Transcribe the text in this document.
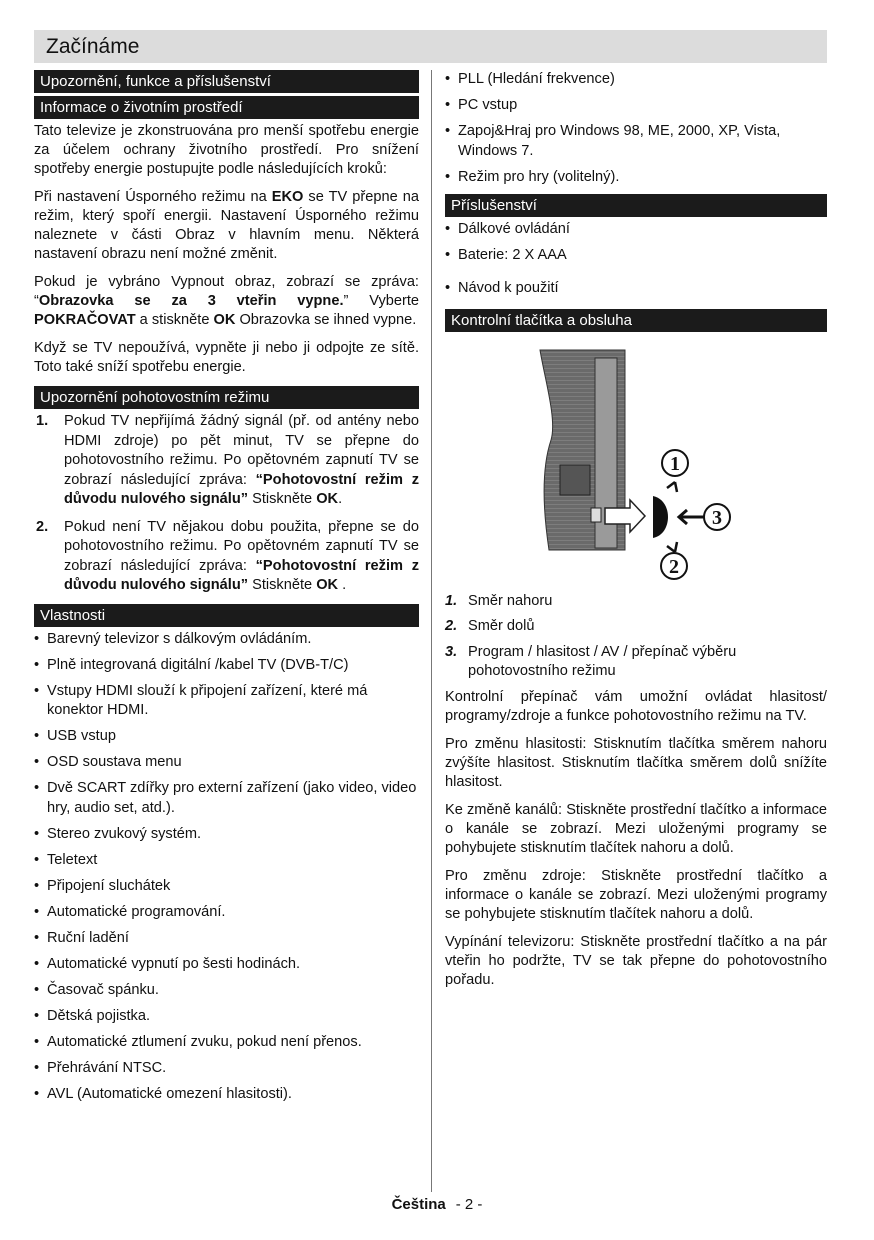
Začínáme
Upozornění, funkce a příslušenství
Informace o životním prostředí

Tato televize je zkonstruována pro menší spotřebu energie za účelem ochrany životního prostředí. Pro snížení spotřeby energie postupujte podle následujících kroků:

Při nastavení Úsporného režimu na EKO se TV přepne na režim, který spoří energii. Nastavení Úsporného režimu naleznete v části Obraz v hlavním menu. Některá nastavení obrazu není možné změnit.

Pokud je vybráno Vypnout obraz, zobrazí se zpráva: “Obrazovka se za 3 vteřin vypne.” Vyberte POKRAČOVAT a stiskněte OK Obrazovka se ihned vypne.

Když se TV nepoužívá, vypněte ji nebo ji odpojte ze sítě. Toto také sníží spotřebu energie.

Upozornění pohotovostním režimu
1. Pokud TV nepřijímá žádný signál (př. od antény nebo HDMI zdroje) po pět minut, TV se přepne do pohotovostního režimu. Po opětovném zapnutí TV se zobrazí následující zpráva: “Pohotovostní režim z důvodu nulového signálu” Stiskněte OK.
2. Pokud není TV nějakou dobu použita, přepne se do pohotovostního režimu. Po opětovném zapnutí TV se zobrazí následující zpráva: “Pohotovostní režim z důvodu nulového signálu” Stiskněte OK .
Vlastnosti
• Barevný televizor s dálkovým ovládáním.
• Plně integrovaná digitální /kabel TV (DVB-T/C)
• Vstupy HDMI slouží k připojení zařízení, které má konektor HDMI.
• USB vstup
• OSD soustava menu
• Dvě SCART zdířky pro externí zařízení (jako video, video hry, audio set, atd.).
• Stereo zvukový systém.
• Teletext
• Připojení sluchátek
• Automatické programování.
• Ruční ladění
• Automatické vypnutí po šesti hodinách.
• Časovač spánku.
• Dětská pojistka.
• Automatické ztlumení zvuku, pokud není přenos.
• Přehrávání NTSC.
• AVL (Automatické omezení hlasitosti).
• PLL (Hledání frekvence)
• PC vstup
• Zapoj&Hraj pro Windows 98, ME, 2000, XP, Vista, Windows 7.
• Režim pro hry (volitelný).
Příslušenství
• Dálkové ovládání
• Baterie: 2 X AAA
• Návod k použití
Kontrolní tlačítka a obsluha
1
2
3
1. Směr nahoru
2. Směr dolů
3. Program / hlasitost / AV / přepínač výběru pohotovostního režimu

Kontrolní přepínač vám umožní ovládat hlasitost/ programy/zdroje a funkce pohotovostního režimu na TV.

Pro změnu hlasitosti: Stisknutím tlačítka směrem nahoru zvýšíte hlasitost. Stisknutím tlačítka směrem dolů snížíte hlasitost.

Ke změně kanálů: Stiskněte prostřední tlačítko a informace o kanále se zobrazí. Mezi uloženými programy se pohybujete stisknutím tlačítek nahoru a dolů.

Pro změnu zdroje: Stiskněte prostřední tlačítko a informace o kanále se zobrazí. Mezi uloženými programy se pohybujete stisknutím tlačítek nahoru a dolů.

Vypínání televizoru: Stiskněte prostřední tlačítko a na pár vteřin ho podržte, TV se tak přepne do pohotovostního pořadu.

Čeština - 2 -
